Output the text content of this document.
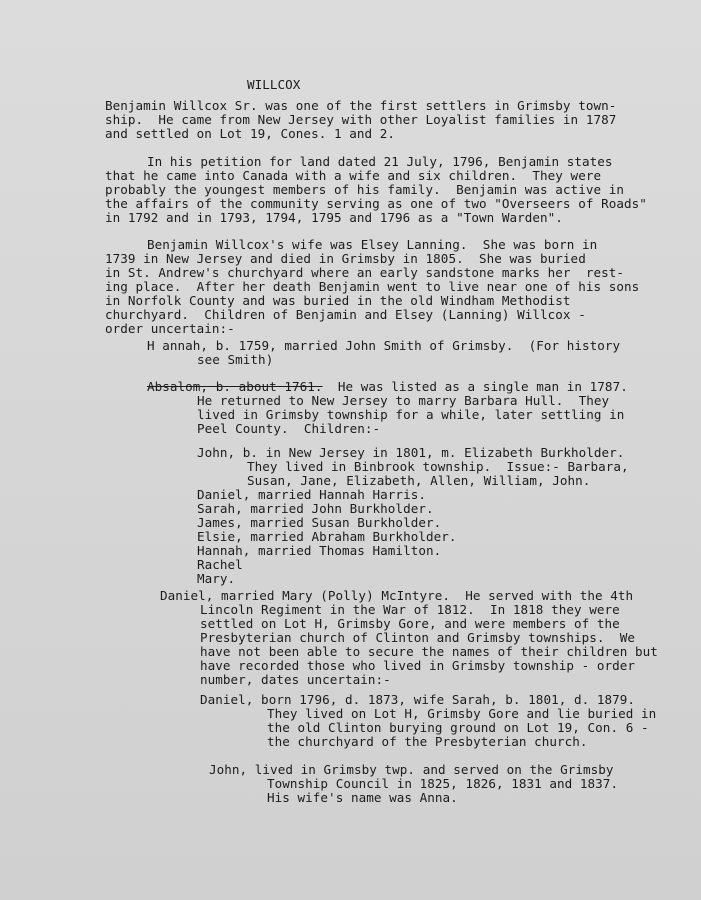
WILLCOX
Benjamin Willcox Sr. was one of the first settlers in Grimsby town-
ship.  He came from New Jersey with other Loyalist families in 1787
and settled on Lot 19, Cones. 1 and 2.
In his petition for land dated 21 July, 1796, Benjamin states
that he came into Canada with a wife and six children.  They were
probably the youngest members of his family.  Benjamin was active in
the affairs of the community serving as one of two "Overseers of Roads"
in 1792 and in 1793, 1794, 1795 and 1796 as a "Town Warden".
Benjamin Willcox's wife was Elsey Lanning.  She was born in
1739 in New Jersey and died in Grimsby in 1805.  She was buried
in St. Andrew's churchyard where an early sandstone marks her  rest-
ing place.  After her death Benjamin went to live near one of his sons
in Norfolk County and was buried in the old Windham Methodist
churchyard.  Children of Benjamin and Elsey (Lanning) Willcox -
order uncertain:-
H annah, b. 1759, married John Smith of Grimsby.  (For history
see Smith)
Absalom, b. about 1761. He was listed as a single man in 1787.
He returned to New Jersey to marry Barbara Hull.  They
lived in Grimsby township for a while, later settling in
Peel County.  Children:-
John, b. in New Jersey in 1801, m. Elizabeth Burkholder.
They lived in Binbrook township.  Issue:- Barbara,
Susan, Jane, Elizabeth, Allen, William, John.
Daniel, married Hannah Harris.
Sarah, married John Burkholder.
James, married Susan Burkholder.
Elsie, married Abraham Burkholder.
Hannah, married Thomas Hamilton.
Rachel
Mary.
Daniel, married Mary (Polly) McIntyre.  He served with the 4th
Lincoln Regiment in the War of 1812.  In 1818 they were
settled on Lot H, Grimsby Gore, and were members of the
Presbyterian church of Clinton and Grimsby townships.  We
have not been able to secure the names of their children but
have recorded those who lived in Grimsby township - order
number, dates uncertain:-
Daniel, born 1796, d. 1873, wife Sarah, b. 1801, d. 1879.
They lived on Lot H, Grimsby Gore and lie buried in
the old Clinton burying ground on Lot 19, Con. 6 -
the churchyard of the Presbyterian church.
John, lived in Grimsby twp. and served on the Grimsby
Township Council in 1825, 1826, 1831 and 1837.
His wife's name was Anna.
